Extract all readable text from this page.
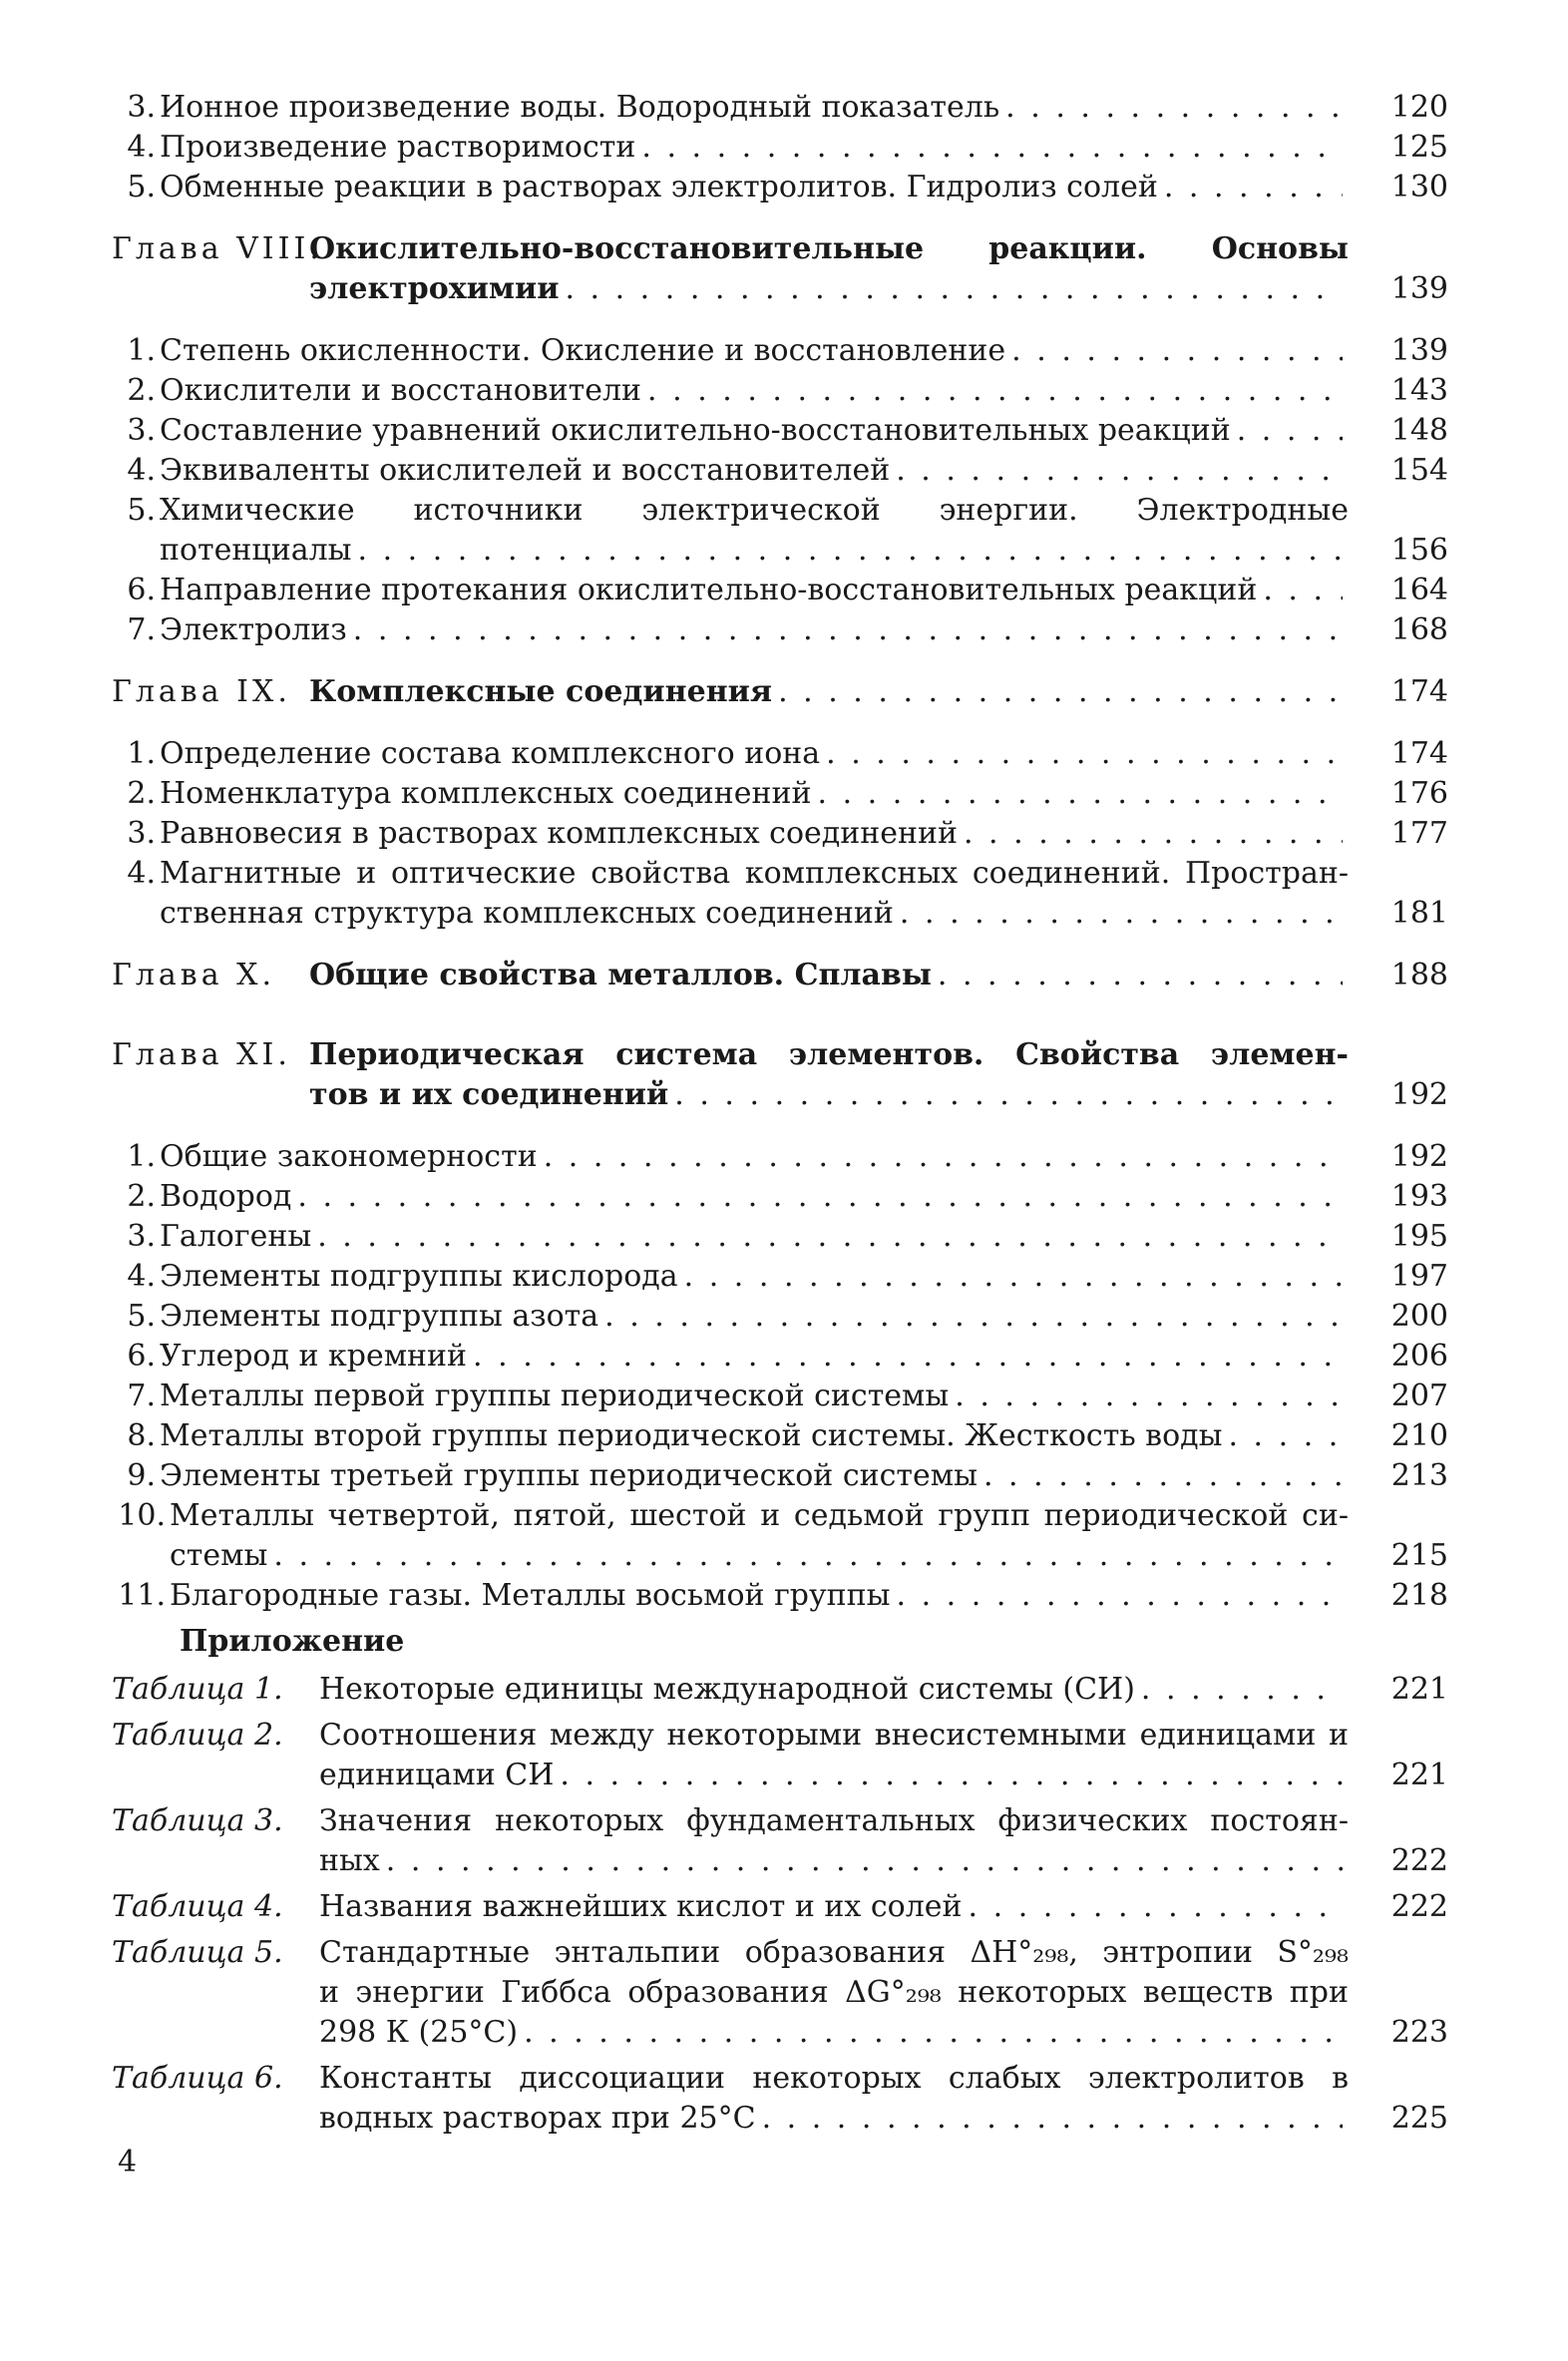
3. Ионное произведение воды. Водородный показатель . . .	120
4. Произведение растворимости . . .	125
5. Обменные реакции в растворах электролитов. Гидролиз солей . . .	130
Глава VIII.
Окислительно-восстановительные реакции. Основы
электрохимии . . .	139
1. Степень окисленности. Окисление и восстановление . . .	139
2. Окислители и восстановители . . .	143
3. Составление уравнений окислительно-восстановительных реакций . . .	148
4. Эквиваленты окислителей и восстановителей . . .	154
5. Химические источники электрической энергии. Электродные
потенциалы . . .	156
6. Направление протекания окислительно-восстановительных реакций . . .	164
7. Электролиз . . .	168
Глава IX. Комплексные соединения . . .	174
1. Определение состава комплексного иона . . .	174
2. Номенклатура комплексных соединений . . .	176
3. Равновесия в растворах комплексных соединений . . .	177
4. Магнитные и оптические свойства комплексных соединений. Простран-
ственная структура комплексных соединений . . .	181
Глава X. Общие свойства металлов. Сплавы . . .	188
Глава XI. Периодическая система элементов. Свойства элемен-
тов и их соединений . . .	192
1. Общие закономерности . . .	192
2. Водород . . .	193
3. Галогены . . .	195
4. Элементы подгруппы кислорода . . .	197
5. Элементы подгруппы азота . . .	200
6. Углерод и кремний . . .	206
7. Металлы первой группы периодической системы . . .	207
8. Металлы второй группы периодической системы. Жесткость воды . . .	210
9. Элементы третьей группы периодической системы . . .	213
10. Металлы четвертой, пятой, шестой и седьмой групп периодической си-
стемы . . .	215
11. Благородные газы. Металлы восьмой группы . . .	218
Приложение
Таблица 1. Некоторые единицы международной системы (СИ) . . .	221
Таблица 2. Соотношения между некоторыми внесистемными единицами и
единицами СИ . . .	221
Таблица 3. Значения некоторых фундаментальных физических постоян-
ных . . .	222
Таблица 4. Названия важнейших кислот и их солей . . .	222
Таблица 5. Стандартные энтальпии образования ΔH°₂₉₈, энтропии S°₂₉₈
и энергии Гиббса образования ΔG°₂₉₈ некоторых веществ при
298 К (25°С) . . .	223
Таблица 6. Константы диссоциации некоторых слабых электролитов в
водных растворах при 25°С . . .	225
4
